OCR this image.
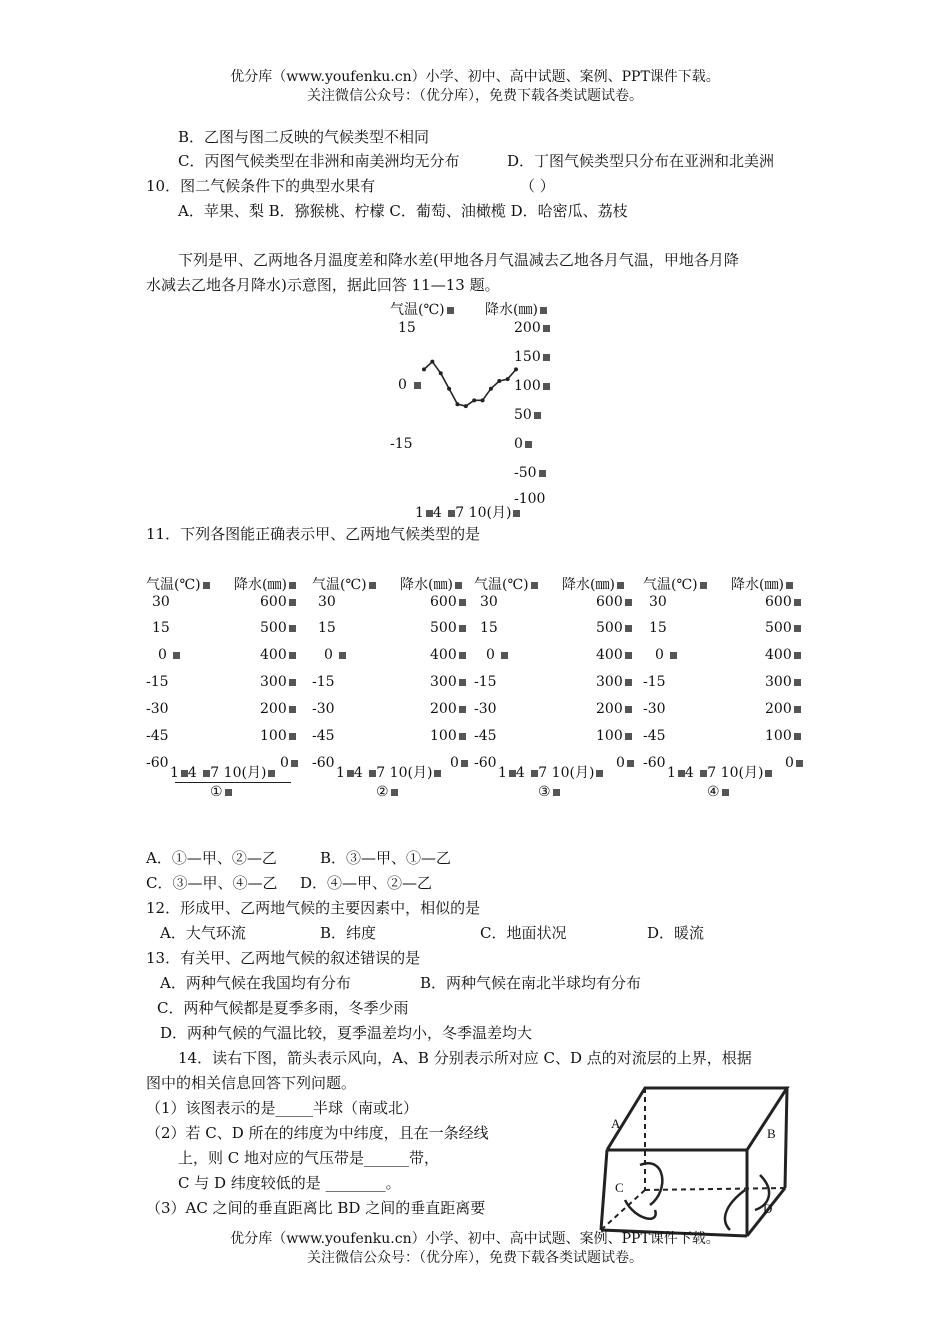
优分库（www.youfenku.cn）小学、初中、高中试题、案例、PPT课件下载。
关注微信公众号：（优分库），免费下载各类试题试卷。
B．乙图与图二反映的气候类型不相同
C．丙图气候类型在非洲和南美洲均无分布	D．丁图气候类型只分布在亚洲和北美洲
10．图二气候条件下的典型水果有	（ ）
A．苹果、梨 B．猕猴桃、柠檬 C．葡萄、油橄榄 D．哈密瓜、荔枝
下列是甲、乙两地各月温度差和降水差(甲地各月气温减去乙地各月气温，甲地各月降
水减去乙地各月降水)示意图，据此回答 11—13 题。
气温(℃)	降水(㎜)
15
0
-15
200
150
100
50
0
-50
-100
1 4 7 10(月)
11．下列各图能正确表示甲、乙两地气候类型的是
气温(℃)	降水(㎜)
30
15
0
-15
-30
-45
-60
600
500
400
300
200
100
0
1 4 7 10(月)
①
气温(℃)	降水(㎜)
30
15
0
-15
-30
-45
-60
600
500
400
300
200
100
0
1 4 7 10(月)
②
气温(℃)	降水(㎜)
30
15
0
-15
-30
-45
-60
600
500
400
300
200
100
0
1 4 7 10(月)
③
气温(℃)	降水(㎜)
30
15
0
-15
-30
-45
-60
600
500
400
300
200
100
0
1 4 7 10(月)
④
A．①—甲、②—乙	B．③—甲、①—乙
C．③—甲、④—乙 D．④—甲、②—乙
12．形成甲、乙两地气候的主要因素中，相似的是
A．大气环流	B．纬度	C．地面状况	D．暖流
13．有关甲、乙两地气候的叙述错误的是
A．两种气候在我国均有分布	B．两种气候在南北半球均有分布
C．两种气候都是夏季多雨，冬季少雨
D．两种气候的气温比较，夏季温差均小，冬季温差均大
14．读右下图，箭头表示风向，A、B 分别表示所对应 C、D 点的对流层的上界，根据
图中的相关信息回答下列问题。
（1）该图表示的是_____半球（南或北）
（2）若 C、D 所在的纬度为中纬度，且在一条经线
上，则 C 地对应的气压带是______带，
C 与 D 纬度较低的是 ________。
（3）AC 之间的垂直距离比 BD 之间的垂直距离要
A
B
C
D
优分库（www.youfenku.cn）小学、初中、高中试题、案例、PPT课件下载。
关注微信公众号：（优分库），免费下载各类试题试卷。
